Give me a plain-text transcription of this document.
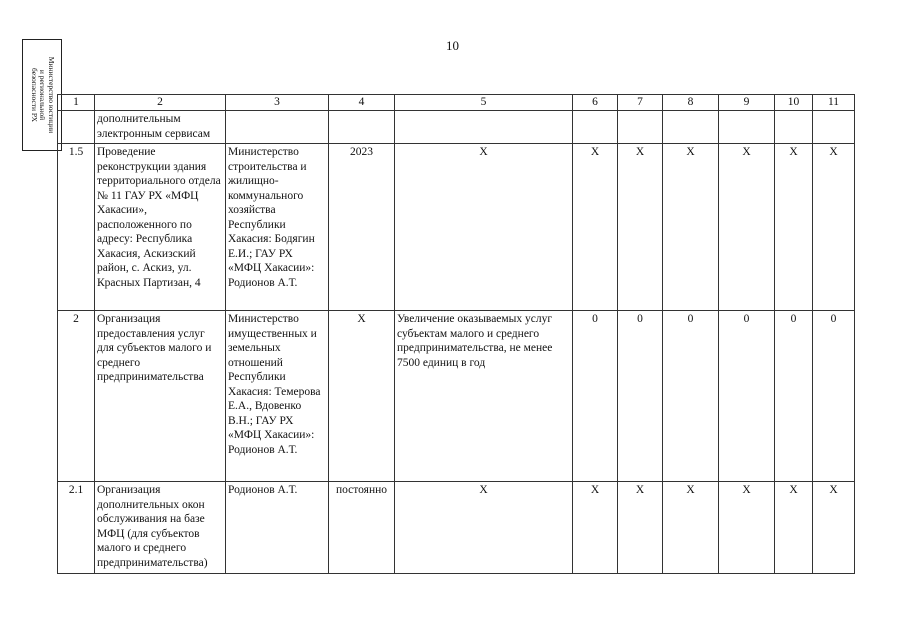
10
Министерство юстиции
и региональной
безопасности РХ	1	2	3	4	5	6	7	8	9	10	11
	дополнительным электронным сервисам									
1.5	Проведение реконструкции здания территориального отдела № 11 ГАУ РХ «МФЦ Хакасии», расположенного по адресу: Республика Хакасия, Аскизский район, с. Аскиз, ул. Красных Партизан, 4	Министерство строительства и жилищно-коммунального хозяйства Республики Хакасия: Бодягин Е.И.; ГАУ РХ «МФЦ Хакасии»: Родионов А.Т.	2023	Х	Х	Х	Х	Х	Х	Х
2	Организация предоставления услуг для субъектов малого и среднего предпринимательства	Министерство имущественных и земельных отношений Республики Хакасия: Темерова Е.А., Вдовенко В.Н.; ГАУ РХ «МФЦ Хакасии»: Родионов А.Т.	Х	Увеличение оказываемых услуг субъектам малого и среднего предпринимательства, не менее 7500 единиц в год	0	0	0	0	0	0
2.1	Организация дополнительных окон обслуживания на базе МФЦ (для субъектов малого и среднего предпринимательства)	Родионов А.Т.	постоянно	Х	Х	Х	Х	Х	Х	Х
